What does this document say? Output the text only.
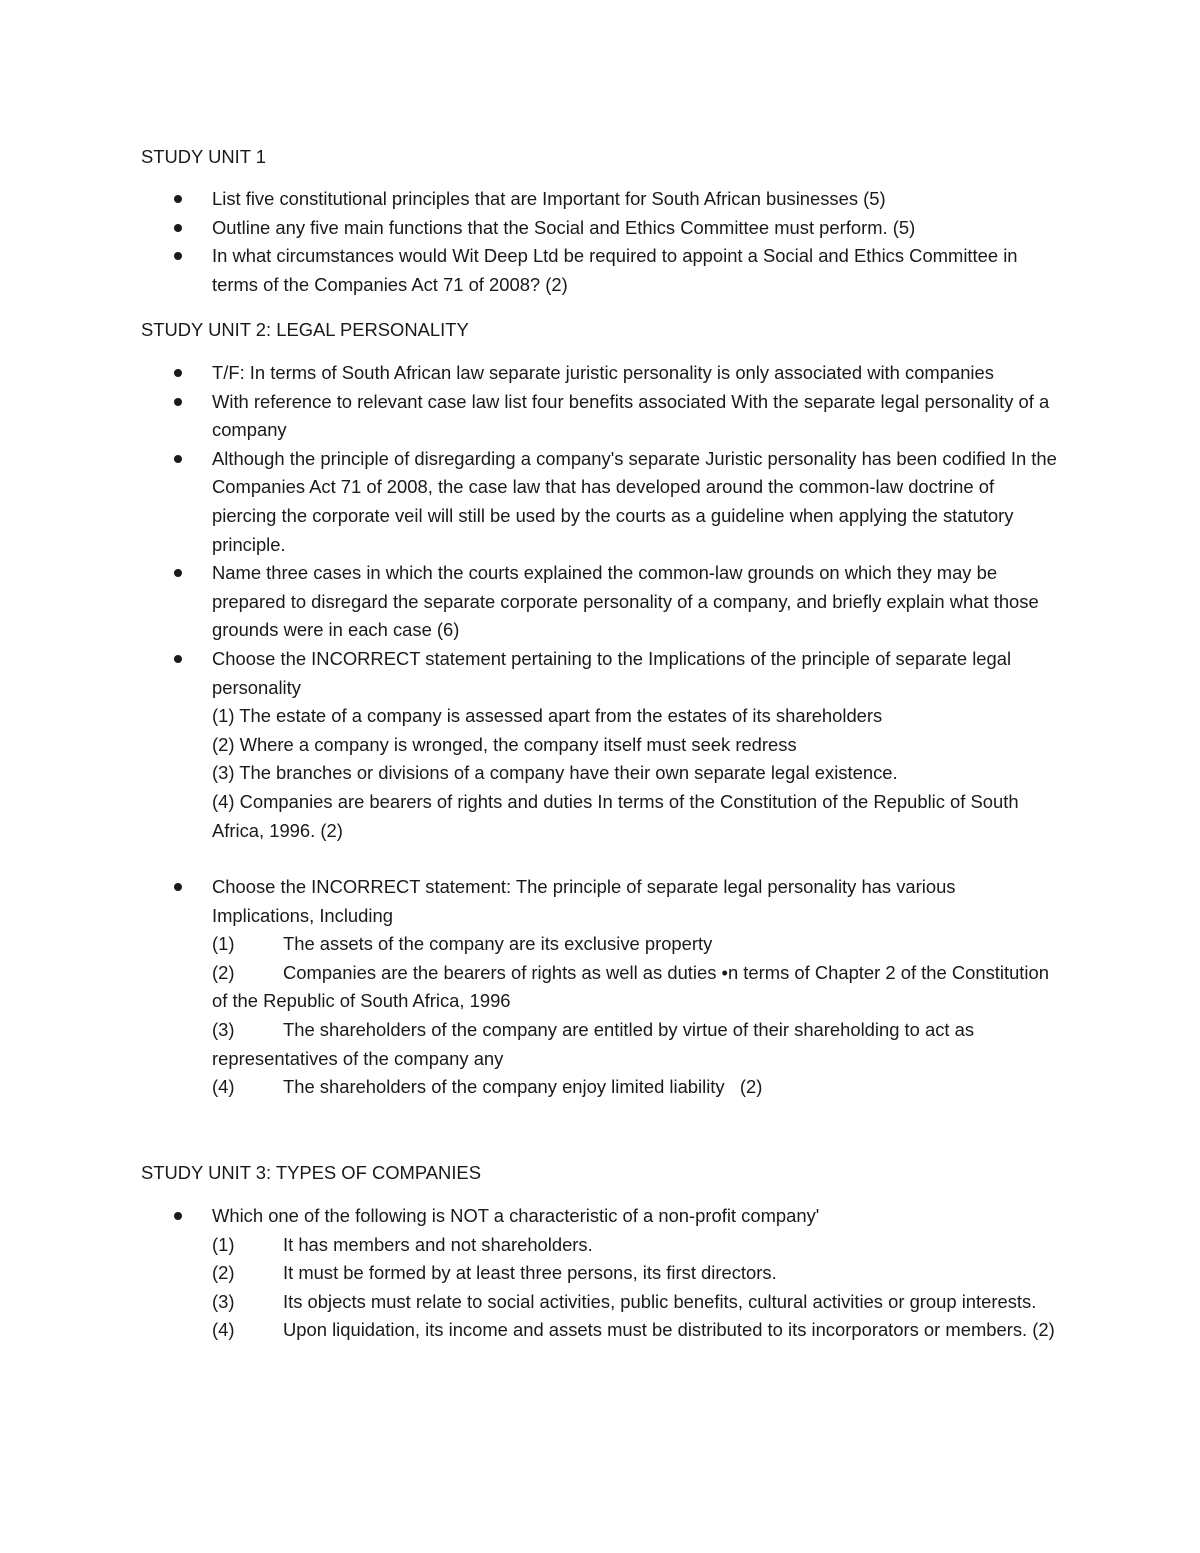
STUDY UNIT 1
List five constitutional principles that are Important for South African businesses (5)
Outline any five main functions that the Social and Ethics Committee must perform. (5)
In what circumstances would Wit Deep Ltd be required to appoint a Social and Ethics Committee in terms of the Companies Act 71 of 2008? (2)
STUDY UNIT 2: LEGAL PERSONALITY
T/F: In terms of South African law separate juristic personality is only associated with companies
With reference to relevant case law list four benefits associated With the separate legal personality of a company
Although the principle of disregarding a company's separate Juristic personality has been codified In the Companies Act 71 of 2008, the case law that has developed around the common-law doctrine of piercing the corporate veil will still be used by the courts as a guideline when applying the statutory principle.
Name three cases in which the courts explained the common-law grounds on which they may be prepared to disregard the separate corporate personality of a company, and briefly explain what those grounds were in each case (6)
Choose the INCORRECT statement pertaining to the Implications of the principle of separate legal personality
(1) The estate of a company is assessed apart from the estates of its shareholders
(2) Where a company is wronged, the company itself must seek redress
(3) The branches or divisions of a company have their own separate legal existence.
(4) Companies are bearers of rights and duties In terms of the Constitution of the Republic of South Africa, 1996. (2)
Choose the INCORRECT statement: The principle of separate legal personality has various Implications, Including
(1)	The assets of the company are its exclusive property
(2)	Companies are the bearers of rights as well as duties •n terms of Chapter 2 of the Constitution of the Republic of South Africa, 1996
(3)	The shareholders of the company are entitled by virtue of their shareholding to act as representatives of the company any
(4)	The shareholders of the company enjoy limited liability   (2)
STUDY UNIT 3: TYPES OF COMPANIES
Which one of the following is NOT a characteristic of a non-profit company'
(1)	It has members and not shareholders.
(2)	It must be formed by at least three persons, its first directors.
(3)	Its objects must relate to social activities, public benefits, cultural activities or group interests.
(4)	Upon liquidation, its income and assets must be distributed to its incorporators or members. (2)
